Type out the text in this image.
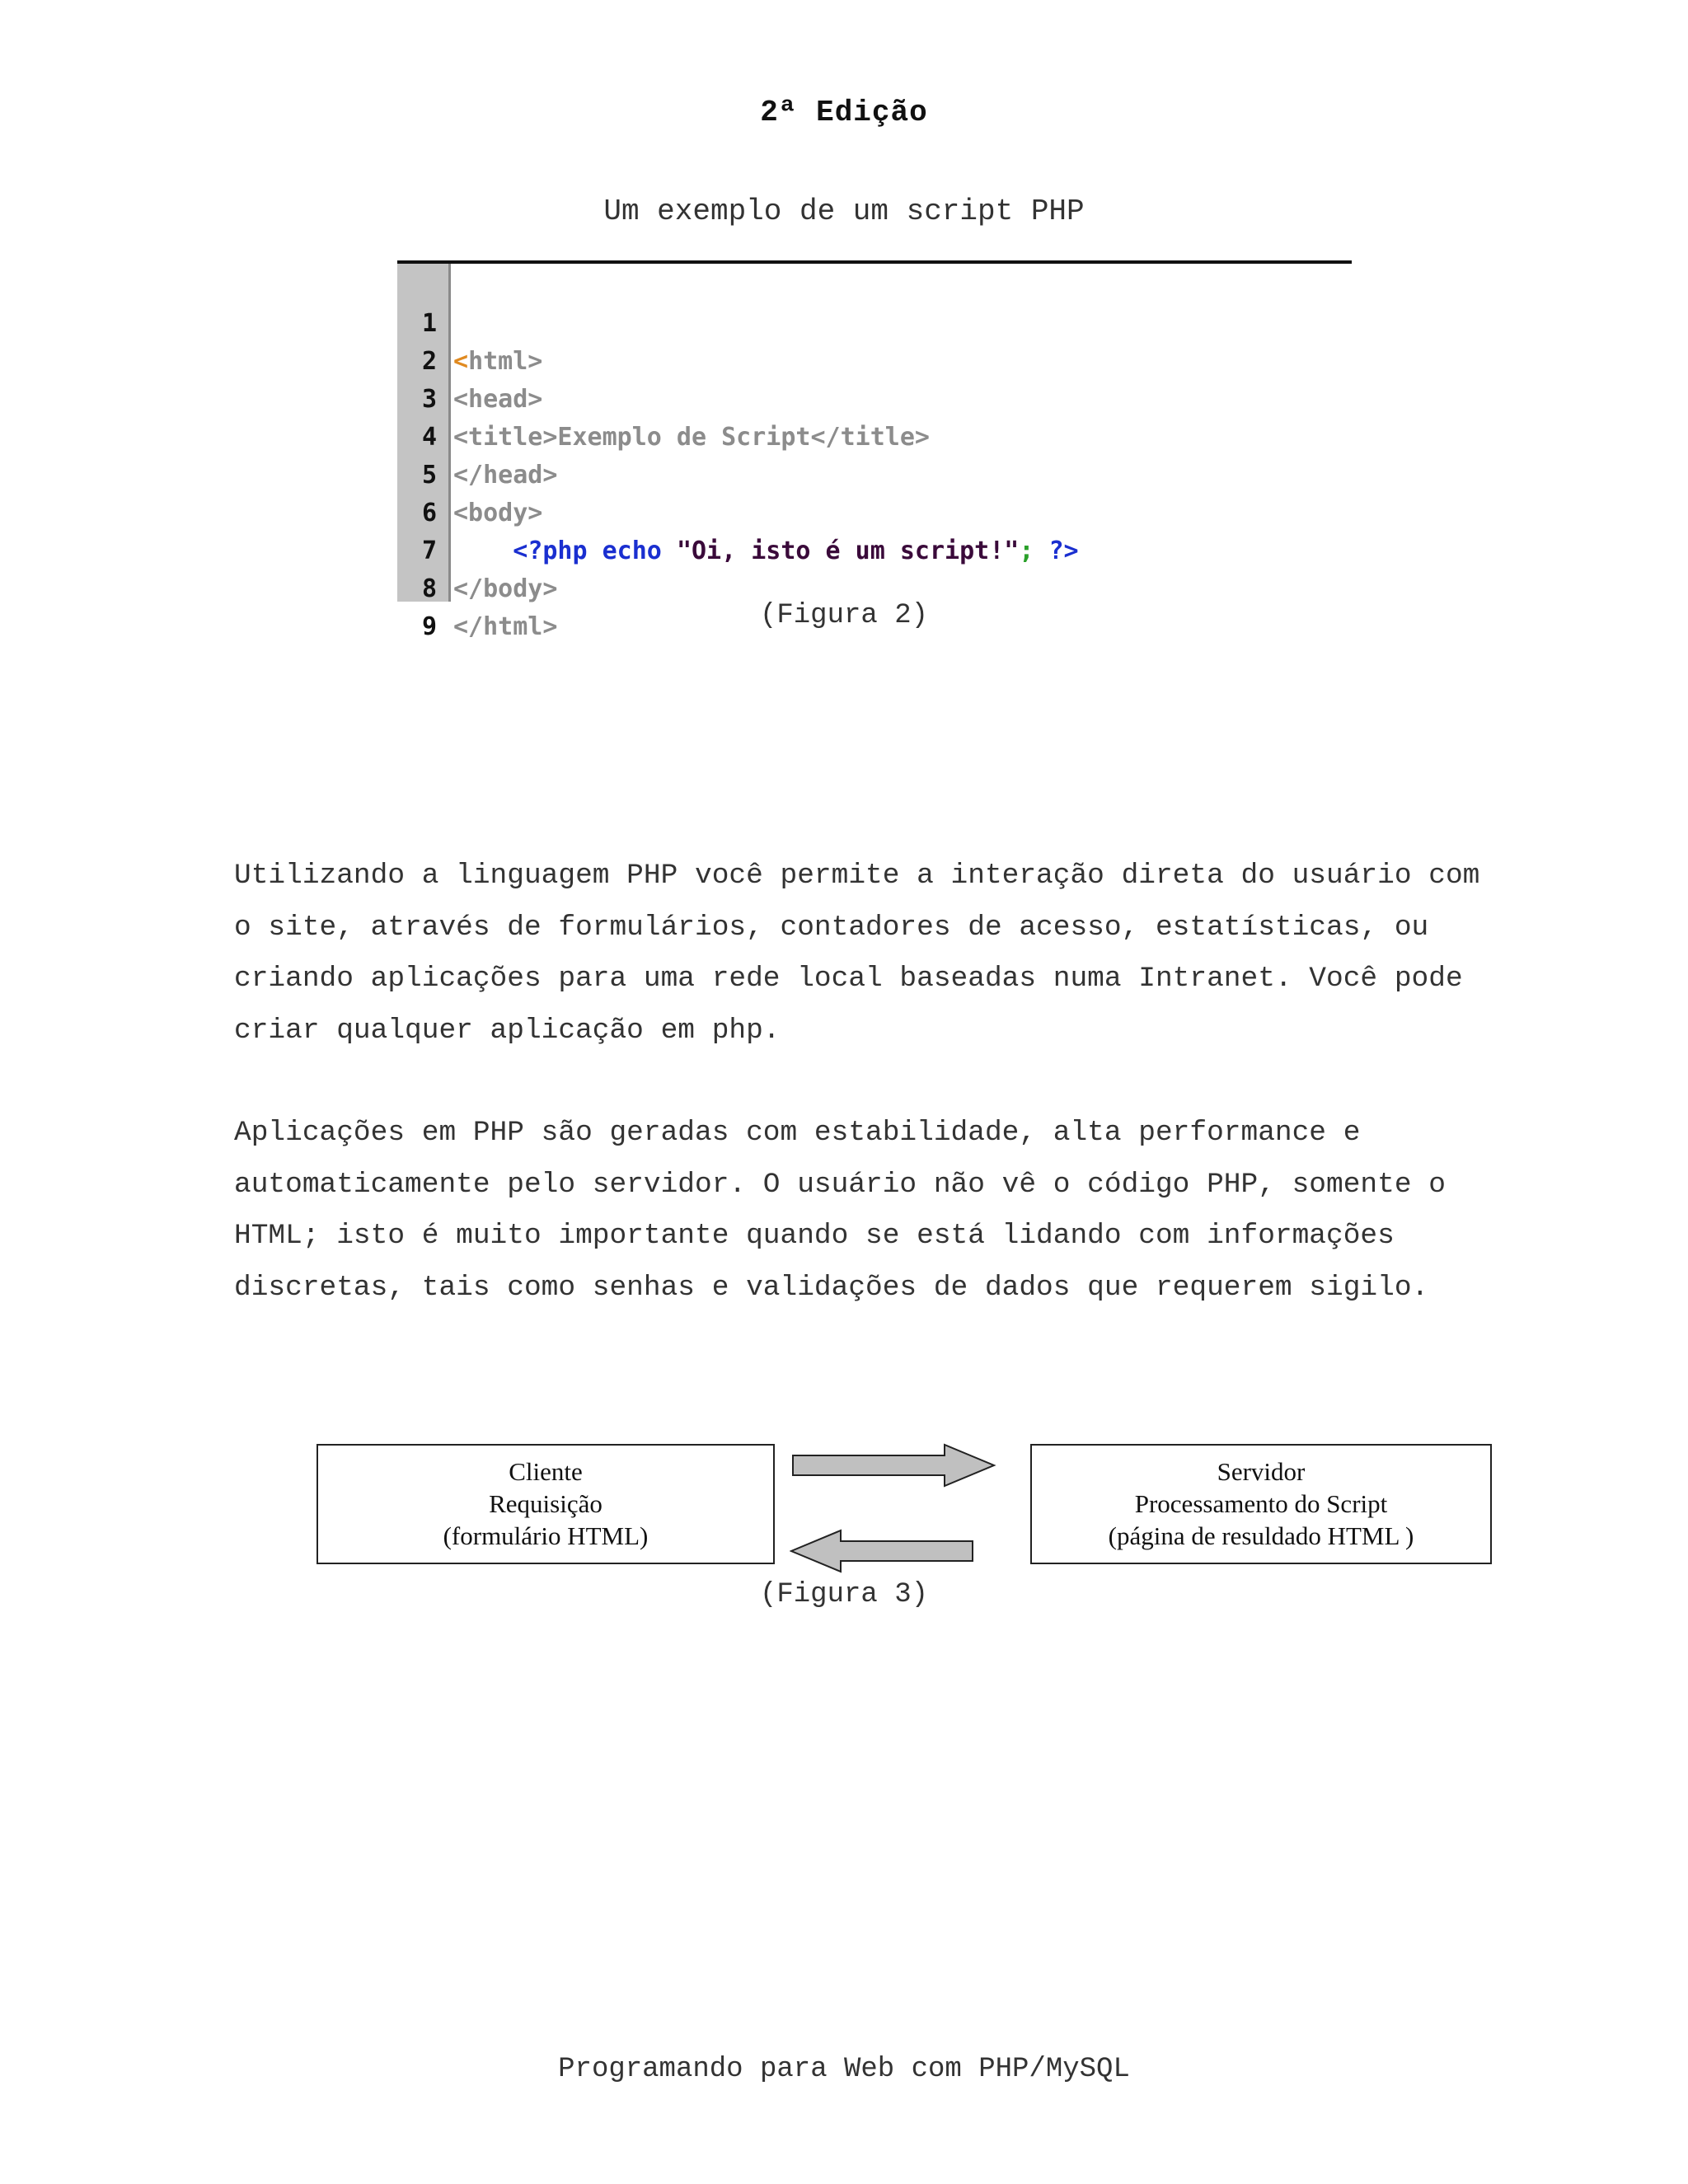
2ª Edição
Um exemplo de um script PHP

1

<html>

2

<head>

3

<title>Exemplo de Script</title>

4

</head>

5

<body>

6

<?php echo "Oi, isto é um script!"; ?>

7

</body>

8

</html>

9

	(Figura 2)
Utilizando a linguagem PHP você permite a interação direta do usuário com
o site, através de formulários, contadores de acesso, estatísticas, ou
criando aplicações para uma rede local baseadas numa Intranet. Você pode
criar qualquer aplicação em php.
Aplicações em PHP são geradas com estabilidade, alta performance e
automaticamente pelo servidor. O usuário não vê o código PHP, somente o
HTML; isto é muito importante quando se está lidando com informações
discretas, tais como senhas e validações de dados que requerem sigilo.
Cliente
Requisição
(formulário HTML)
Servidor
Processamento do Script
(página de resuldado HTML )
(Figura 3)
Programando para Web com PHP/MySQL
